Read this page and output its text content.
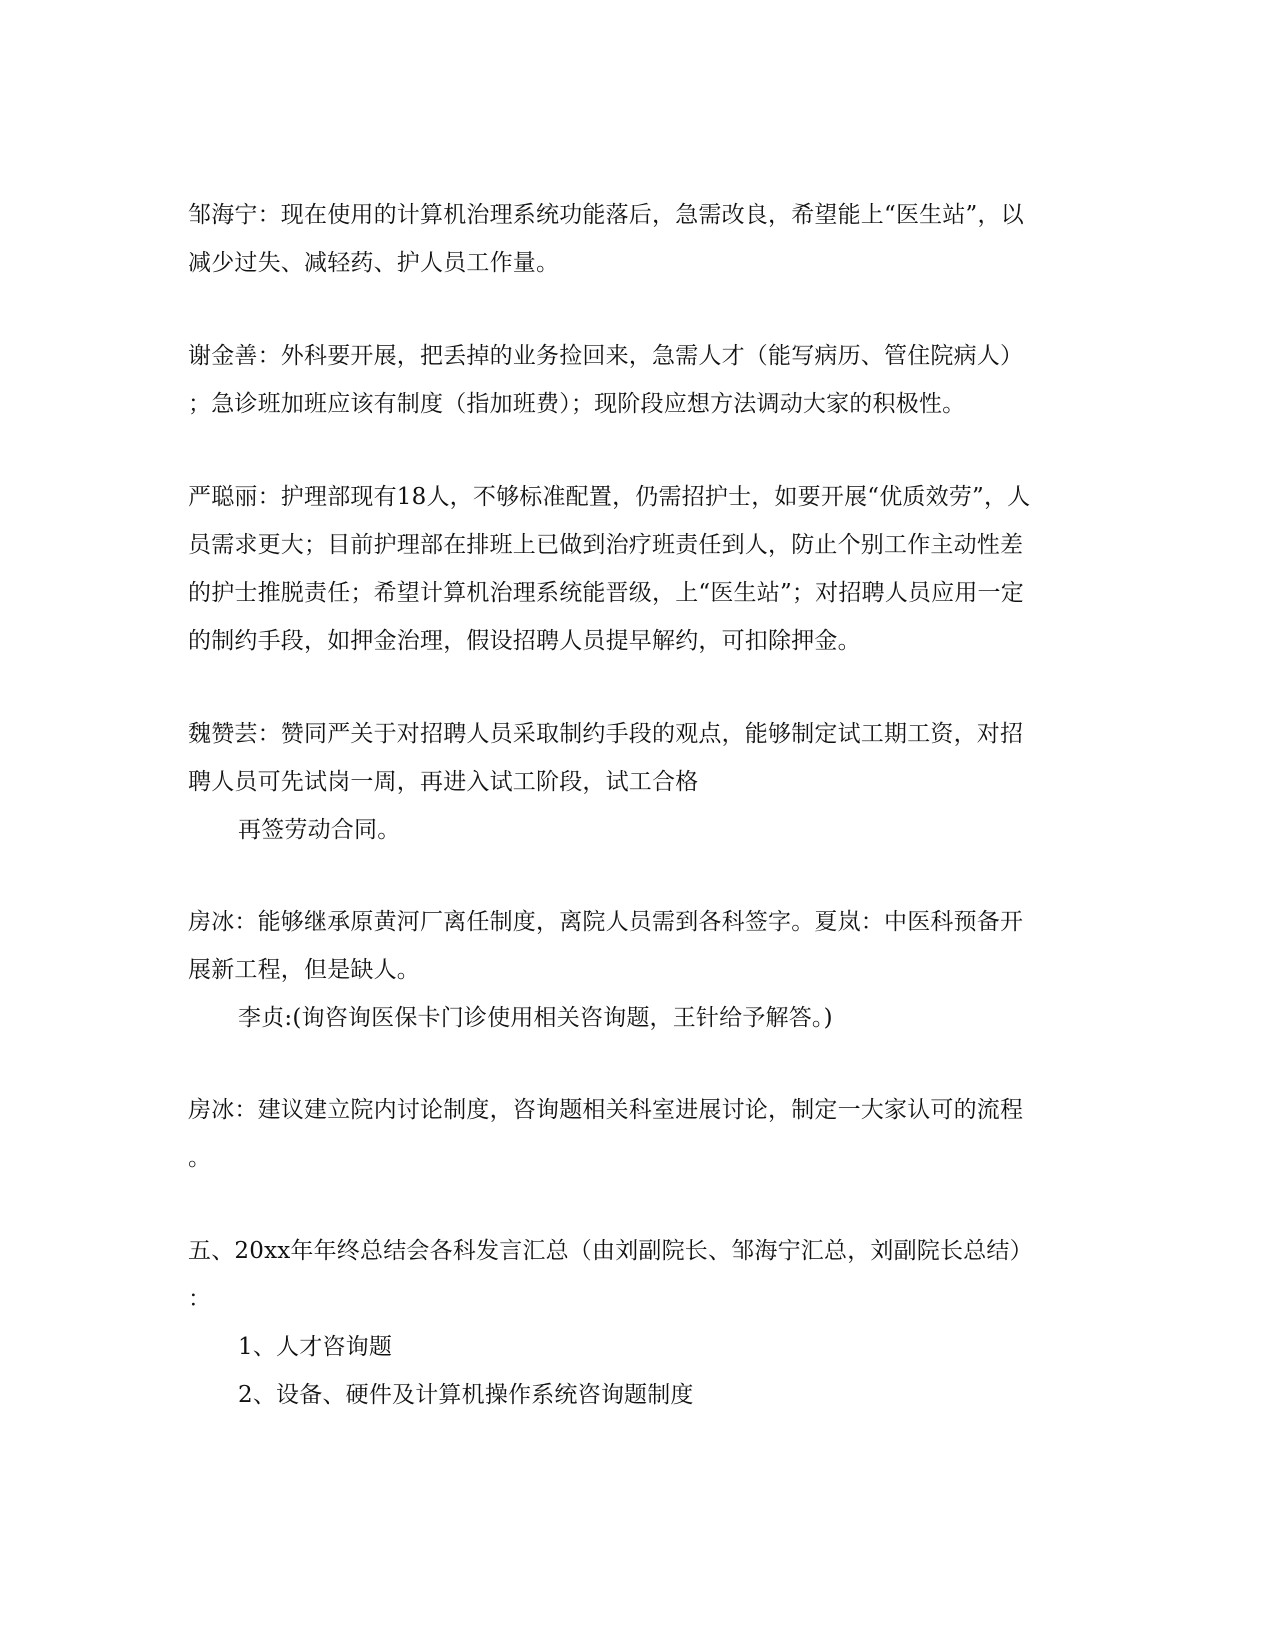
邹海宁：现在使用的计算机治理系统功能落后，急需改良，希望能上“医生站”，以
减少过失、减轻药、护人员工作量。
谢金善：外科要开展，把丢掉的业务捡回来，急需人才（能写病历、管住院病人）
；急诊班加班应该有制度（指加班费）；现阶段应想方法调动大家的积极性。
严聪丽：护理部现有18人，不够标准配置，仍需招护士，如要开展“优质效劳”，人
员需求更大；目前护理部在排班上已做到治疗班责任到人，防止个别工作主动性差
的护士推脱责任；希望计算机治理系统能晋级，上“医生站”；对招聘人员应用一定
的制约手段，如押金治理，假设招聘人员提早解约，可扣除押金。
魏赞芸：赞同严关于对招聘人员采取制约手段的观点，能够制定试工期工资，对招
聘人员可先试岗一周，再进入试工阶段，试工合格
再签劳动合同。
房冰：能够继承原黄河厂离任制度，离院人员需到各科签字。夏岚：中医科预备开
展新工程，但是缺人。
李贞:(询咨询医保卡门诊使用相关咨询题，王针给予解答。)
房冰：建议建立院内讨论制度，咨询题相关科室进展讨论，制定一大家认可的流程
。
五、20xx年年终总结会各科发言汇总（由刘副院长、邹海宁汇总，刘副院长总结）
：
1、人才咨询题
2、设备、硬件及计算机操作系统咨询题制度
